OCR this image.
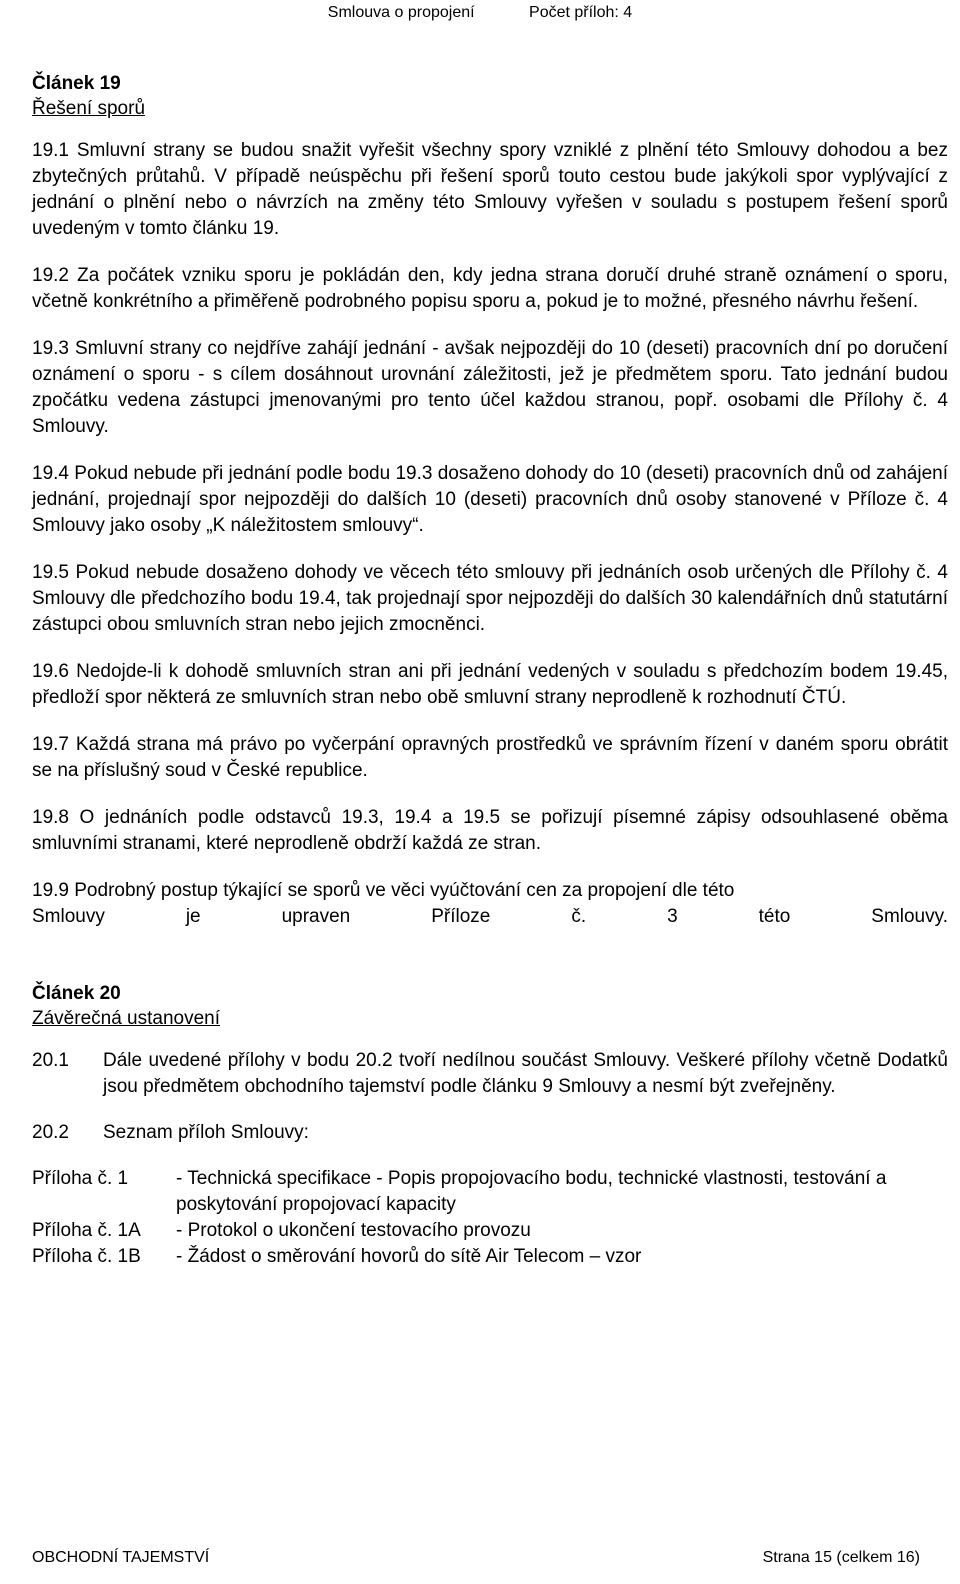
Smlouva o propojení	Počet příloh: 4

Článek 19

Řešení sporů

19.1 Smluvní strany se budou snažit vyřešit všechny spory vzniklé z plnění této Smlouvy dohodou a bez zbytečných průtahů. V případě neúspěchu při řešení sporů touto cestou bude jakýkoli spor vyplývající z jednání o plnění nebo o návrzích na změny této Smlouvy vyřešen v souladu s postupem řešení sporů uvedeným v tomto článku 19.

19.2 Za počátek vzniku sporu je pokládán den, kdy jedna strana doručí druhé straně oznámení o sporu, včetně konkrétního a přiměřeně podrobného popisu sporu a, pokud je to možné, přesného návrhu řešení.

19.3 Smluvní strany co nejdříve zahájí jednání - avšak nejpozději do 10 (deseti) pracovních dní po doručení oznámení o sporu - s cílem dosáhnout urovnání záležitosti, jež je předmětem sporu. Tato jednání budou zpočátku vedena zástupci jmenovanými pro tento účel každou stranou, popř. osobami dle Přílohy č. 4 Smlouvy.

19.4 Pokud nebude při jednání podle bodu 19.3 dosaženo dohody do 10 (deseti) pracovních dnů od zahájení jednání, projednají spor nejpozději do dalších 10 (deseti) pracovních dnů osoby stanovené v Příloze č. 4 Smlouvy jako osoby „K náležitostem smlouvy“.

19.5 Pokud nebude dosaženo dohody ve věcech této smlouvy při jednáních osob určených dle Přílohy č. 4 Smlouvy dle předchozího bodu 19.4, tak projednají spor nejpozději do dalších 30 kalendářních dnů statutární zástupci obou smluvních stran nebo jejich zmocněnci.

19.6 Nedojde-li k dohodě smluvních stran ani při jednání vedených v souladu s předchozím bodem 19.45, předloží spor některá ze smluvních stran nebo obě smluvní strany neprodleně k rozhodnutí ČTÚ.

19.7 Každá strana má právo po vyčerpání opravných prostředků ve správním řízení v daném sporu obrátit se na příslušný soud v České republice.

19.8 O jednáních podle odstavců 19.3, 19.4 a 19.5 se pořizují písemné zápisy odsouhlasené oběma smluvními stranami, které neprodleně obdrží každá ze stran.

19.9 Podrobný postup týkající se sporů ve věci vyúčtování cen za propojení dle této
Smlouvy je upraven Příloze č. 3 této Smlouvy.

Článek 20

Závěrečná ustanovení

20.1	Dále uvedené přílohy v bodu 20.2 tvoří nedílnou součást Smlouvy. Veškeré přílohy včetně Dodatků jsou předmětem obchodního tajemství podle článku 9 Smlouvy a nesmí být zveřejněny.
20.2	Seznam příloh Smlouvy:
Příloha č. 1	- Technická specifikace - Popis propojovacího bodu, technické vlastnosti, testování a poskytování propojovací kapacity
Příloha č. 1A	- Protokol o ukončení testovacího provozu
Příloha č. 1B	- Žádost o směrování hovorů do sítě Air Telecom – vzor
OBCHODNÍ TAJEMSTVÍ	Strana 15 (celkem 16)
